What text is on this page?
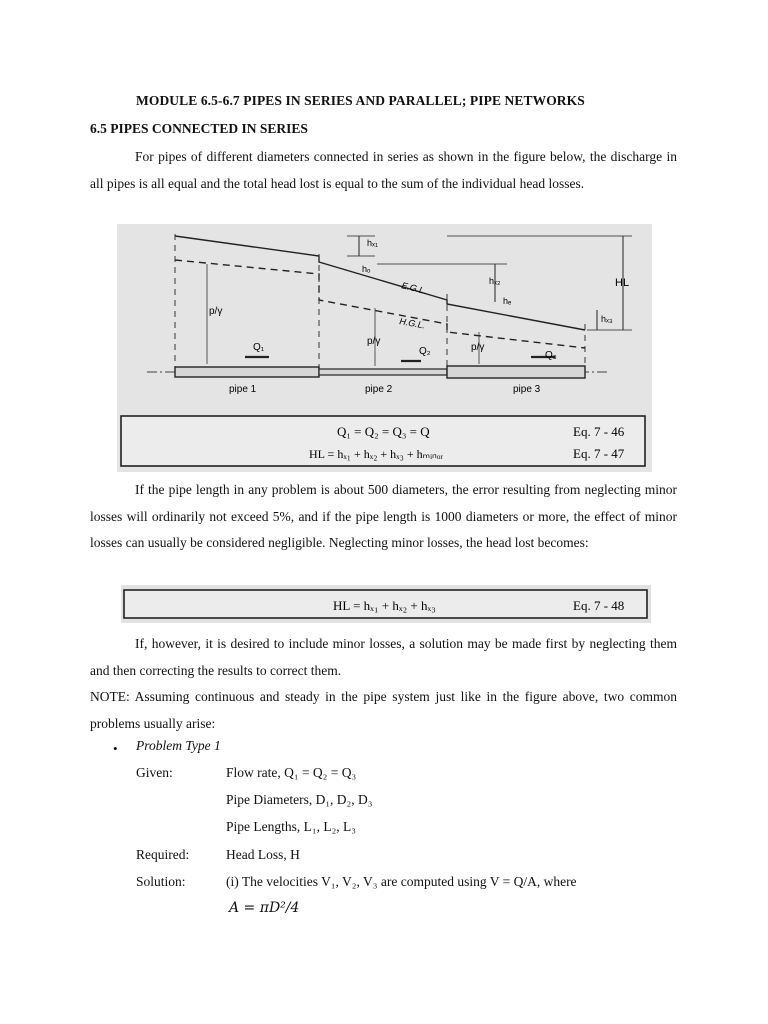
MODULE 6.5-6.7 PIPES IN SERIES AND PARALLEL; PIPE NETWORKS
6.5 PIPES CONNECTED IN SERIES
For pipes of different diameters connected in series as shown in the figure below, the discharge in all pipes is all equal and the total head lost is equal to the sum of the individual head losses.
hₓ₁
hₒ
E.G.L.
H.G.L.
hₓ₂
hₑ
hₓ₃
HL
p/γ
p/γ
p/γ
Q₁	Q₂	Q₃
pipe 1	pipe 2	pipe 3
Q₁ = Q₂ = Q₃ = Q	Eq. 7 - 46
HL = hₓ₁ + hₓ₂ + hₓ₃ + hₘᵢₙₒᵣ	Eq. 7 - 47
If the pipe length in any problem is about 500 diameters, the error resulting from neglecting minor losses will ordinarily not exceed 5%, and if the pipe length is 1000 diameters or more, the effect of minor losses can usually be considered negligible. Neglecting minor losses, the head lost becomes:
HL = hₓ₁ + hₓ₂ + hₓ₃	Eq. 7 - 48
If, however, it is desired to include minor losses, a solution may be made first by neglecting them and then correcting the results to correct them.
NOTE: Assuming continuous and steady in the pipe system just like in the figure above, two common problems usually arise:
• Problem Type 1
Given:	Flow rate, Q₁ = Q₂ = Q₃
Pipe Diameters, D₁, D₂, D₃
Pipe Lengths, L₁, L₂, L₃
Required:	Head Loss, H
Solution:	(i) The velocities V₁, V₂, V₃ are computed using V = Q/A, where
A = πD²/4
